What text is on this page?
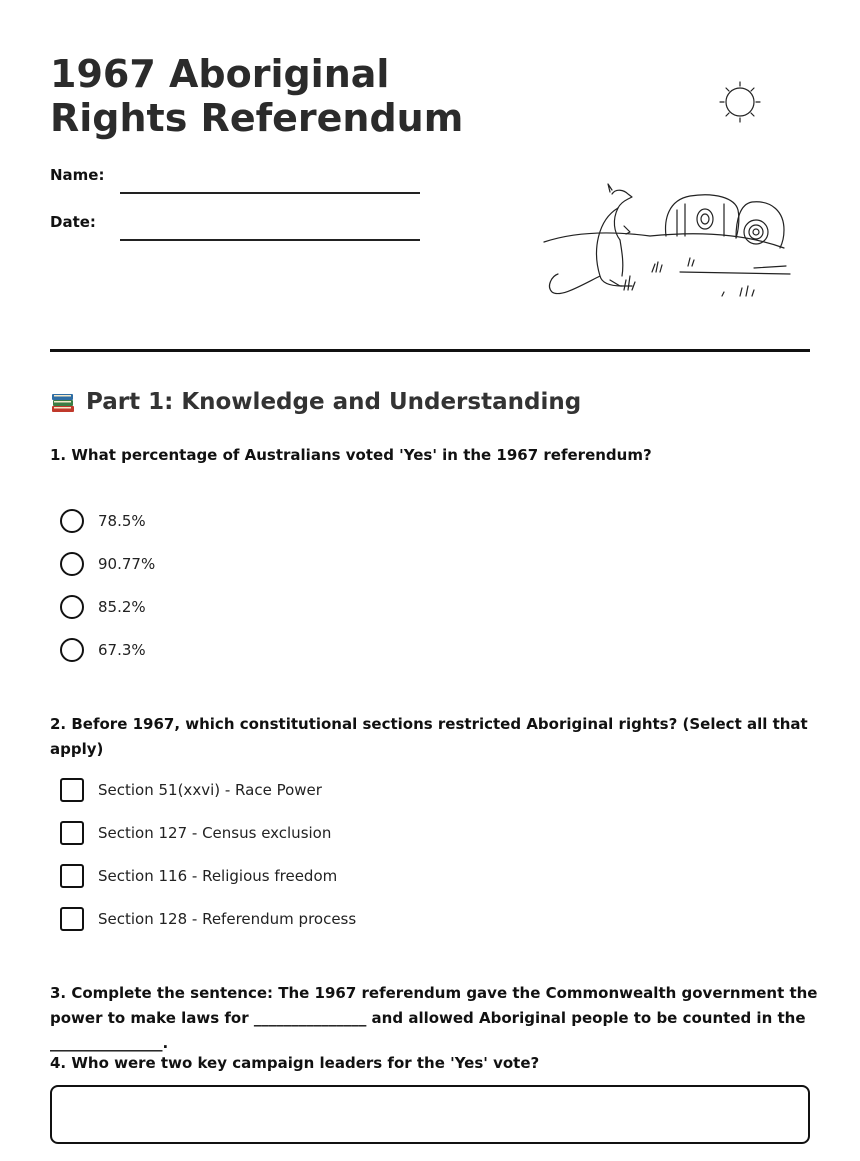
1967 Aboriginal Rights Referendum
Name:
Date:
Part 1: Knowledge and Understanding

1. What percentage of Australians voted 'Yes' in the 1967 referendum?

78.5%
90.77%
85.2%
67.3%

2. Before 1967, which constitutional sections restricted Aboriginal rights? (Select all that apply)

Section 51(xxvi) - Race Power
Section 127 - Census exclusion
Section 116 - Religious freedom
Section 128 - Referendum process

3. Complete the sentence: The 1967 referendum gave the Commonwealth government the power to make laws for _______________ and allowed Aboriginal people to be counted in the _______________.

4. Who were two key campaign leaders for the 'Yes' vote?
